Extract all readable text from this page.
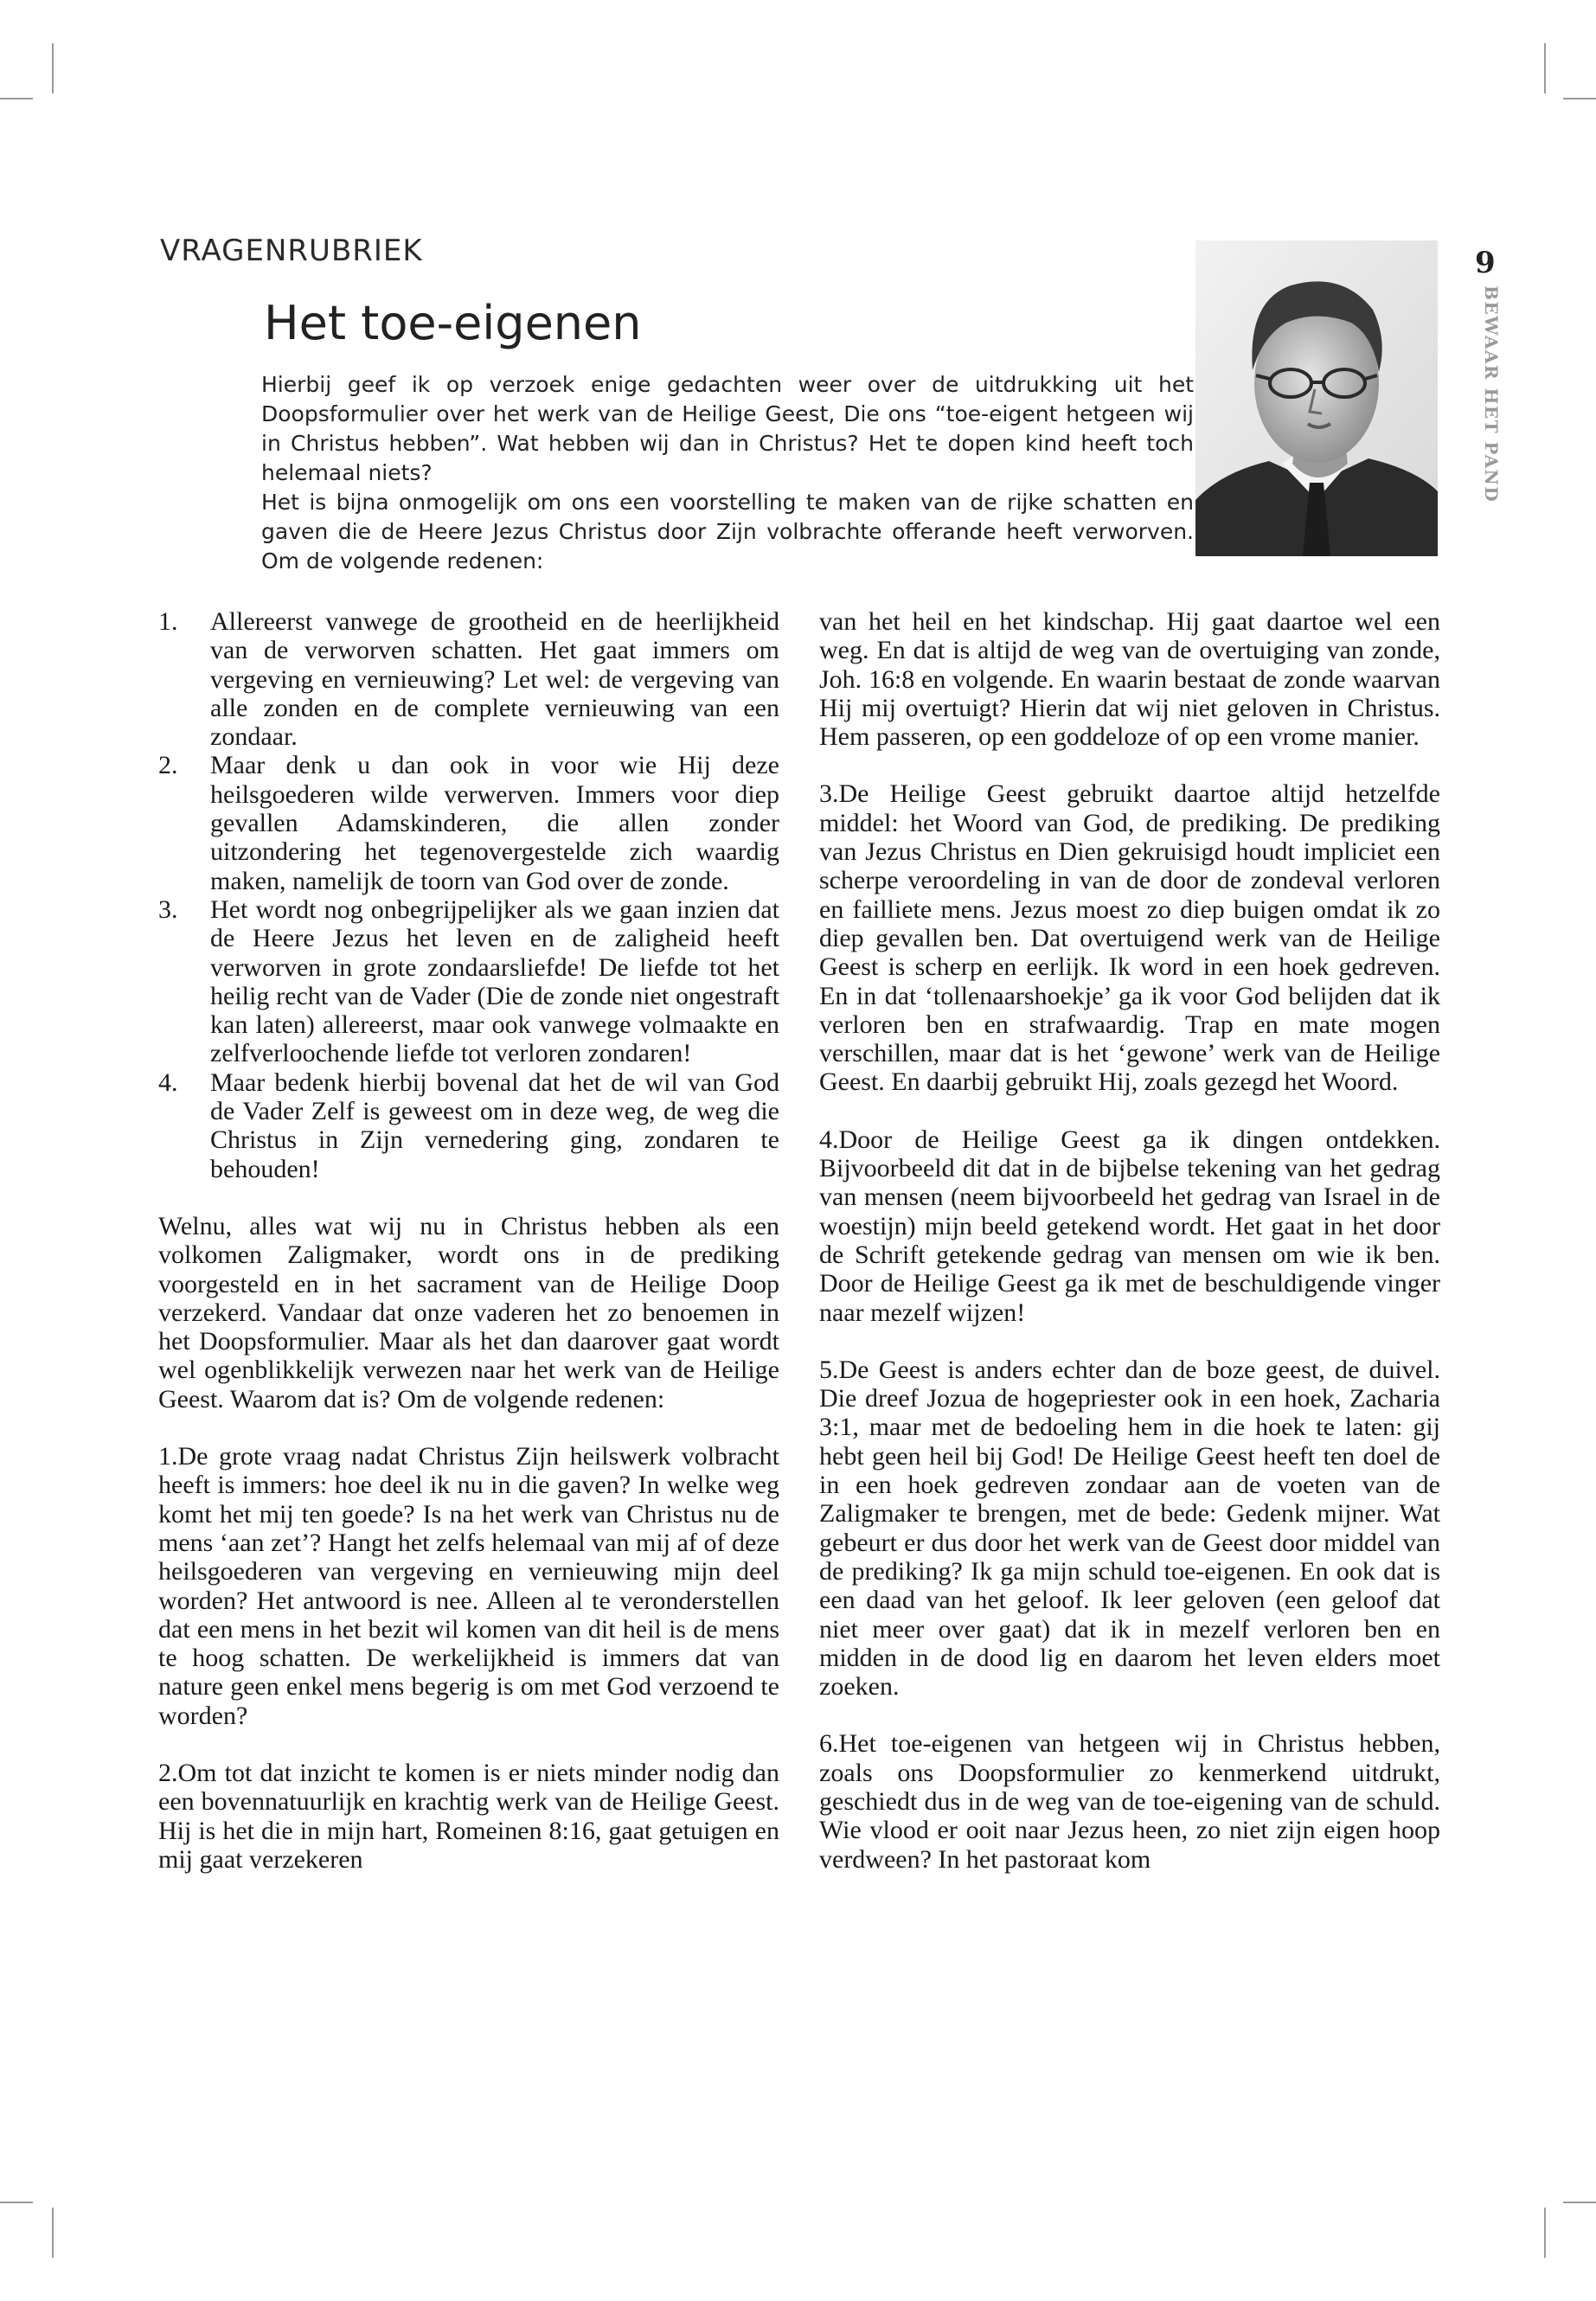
VRAGENRUBRIEK
Het toe-eigenen

Hierbij geef ik op verzoek enige gedachten weer over de uitdrukking uit het Doopsformulier over het werk van de Heilige Geest, Die ons “toe-eigent hetgeen wij in Christus hebben”. Wat hebben wij dan in Christus? Het te dopen kind heeft toch helemaal niets?

Het is bijna onmogelijk om ons een voorstelling te maken van de rijke schatten en gaven die de Heere Jezus Christus door Zijn volbrachte offerande heeft verworven. Om de volgende redenen:

9
BEWAAR HET PAND
1. Allereerst vanwege de grootheid en de heerlijkheid van de verworven schatten. Het gaat immers om vergeving en vernieuwing? Let wel: de vergeving van alle zonden en de complete vernieuwing van een zondaar.
2. Maar denk u dan ook in voor wie Hij deze heilsgoederen wilde verwerven. Immers voor diep gevallen Adamskinderen, die allen zonder uitzondering het tegenovergestelde zich waardig maken, namelijk de toorn van God over de zonde.
3. Het wordt nog onbegrijpelijker als we gaan inzien dat de Heere Jezus het leven en de zaligheid heeft verworven in grote zondaarsliefde! De liefde tot het heilig recht van de Vader (Die de zonde niet ongestraft kan laten) allereerst, maar ook vanwege volmaakte en zelfverloochende liefde tot verloren zondaren!
4. Maar bedenk hierbij bovenal dat het de wil van God de Vader Zelf is geweest om in deze weg, de weg die Christus in Zijn vernedering ging, zondaren te behouden!

Welnu, alles wat wij nu in Christus hebben als een volkomen Zaligmaker, wordt ons in de prediking voorgesteld en in het sacrament van de Heilige Doop verzekerd. Vandaar dat onze vaderen het zo benoemen in het Doopsformulier. Maar als het dan daarover gaat wordt wel ogenblikkelijk verwezen naar het werk van de Heilige Geest. Waarom dat is? Om de volgende redenen:

1.De grote vraag nadat Christus Zijn heilswerk volbracht heeft is immers: hoe deel ik nu in die gaven? In welke weg komt het mij ten goede? Is na het werk van Christus nu de mens ‘aan zet’? Hangt het zelfs helemaal van mij af of deze heilsgoederen van vergeving en vernieuwing mijn deel worden? Het antwoord is nee. Alleen al te veronderstellen dat een mens in het bezit wil komen van dit heil is de mens te hoog schatten. De werkelijkheid is immers dat van nature geen enkel mens begerig is om met God verzoend te worden?

2.Om tot dat inzicht te komen is er niets minder nodig dan een bovennatuurlijk en krachtig werk van de Heilige Geest. Hij is het die in mijn hart, Romeinen 8:16, gaat getuigen en mij gaat verzekeren

van het heil en het kindschap. Hij gaat daartoe wel een weg. En dat is altijd de weg van de overtuiging van zonde, Joh. 16:8 en volgende. En waarin bestaat de zonde waarvan Hij mij overtuigt? Hierin dat wij niet geloven in Christus. Hem passeren, op een goddeloze of op een vrome manier.

3.De Heilige Geest gebruikt daartoe altijd hetzelfde middel: het Woord van God, de prediking. De prediking van Jezus Christus en Dien gekruisigd houdt impliciet een scherpe veroordeling in van de door de zondeval verloren en failliete mens. Jezus moest zo diep buigen omdat ik zo diep gevallen ben. Dat overtuigend werk van de Heilige Geest is scherp en eerlijk. Ik word in een hoek gedreven. En in dat ‘tollenaarshoekje’ ga ik voor God belijden dat ik verloren ben en strafwaardig. Trap en mate mogen verschillen, maar dat is het ‘gewone’ werk van de Heilige Geest. En daarbij gebruikt Hij, zoals gezegd het Woord.

4.Door de Heilige Geest ga ik dingen ontdekken. Bijvoorbeeld dit dat in de bijbelse tekening van het gedrag van mensen (neem bijvoorbeeld het gedrag van Israel in de woestijn) mijn beeld getekend wordt. Het gaat in het door de Schrift getekende gedrag van mensen om wie ik ben. Door de Heilige Geest ga ik met de beschuldigende vinger naar mezelf wijzen!

5.De Geest is anders echter dan de boze geest, de duivel. Die dreef Jozua de hogepriester ook in een hoek, Zacharia 3:1, maar met de bedoeling hem in die hoek te laten: gij hebt geen heil bij God! De Heilige Geest heeft ten doel de in een hoek gedreven zondaar aan de voeten van de Zaligmaker te brengen, met de bede: Gedenk mijner. Wat gebeurt er dus door het werk van de Geest door middel van de prediking? Ik ga mijn schuld toe-eigenen. En ook dat is een daad van het geloof. Ik leer geloven (een geloof dat niet meer over gaat) dat ik in mezelf verloren ben en midden in de dood lig en daarom het leven elders moet zoeken.

6.Het toe-eigenen van hetgeen wij in Christus hebben, zoals ons Doopsformulier zo kenmerkend uitdrukt, geschiedt dus in de weg van de toe-eigening van de schuld. Wie vlood er ooit naar Jezus heen, zo niet zijn eigen hoop verdween? In het pastoraat kom
